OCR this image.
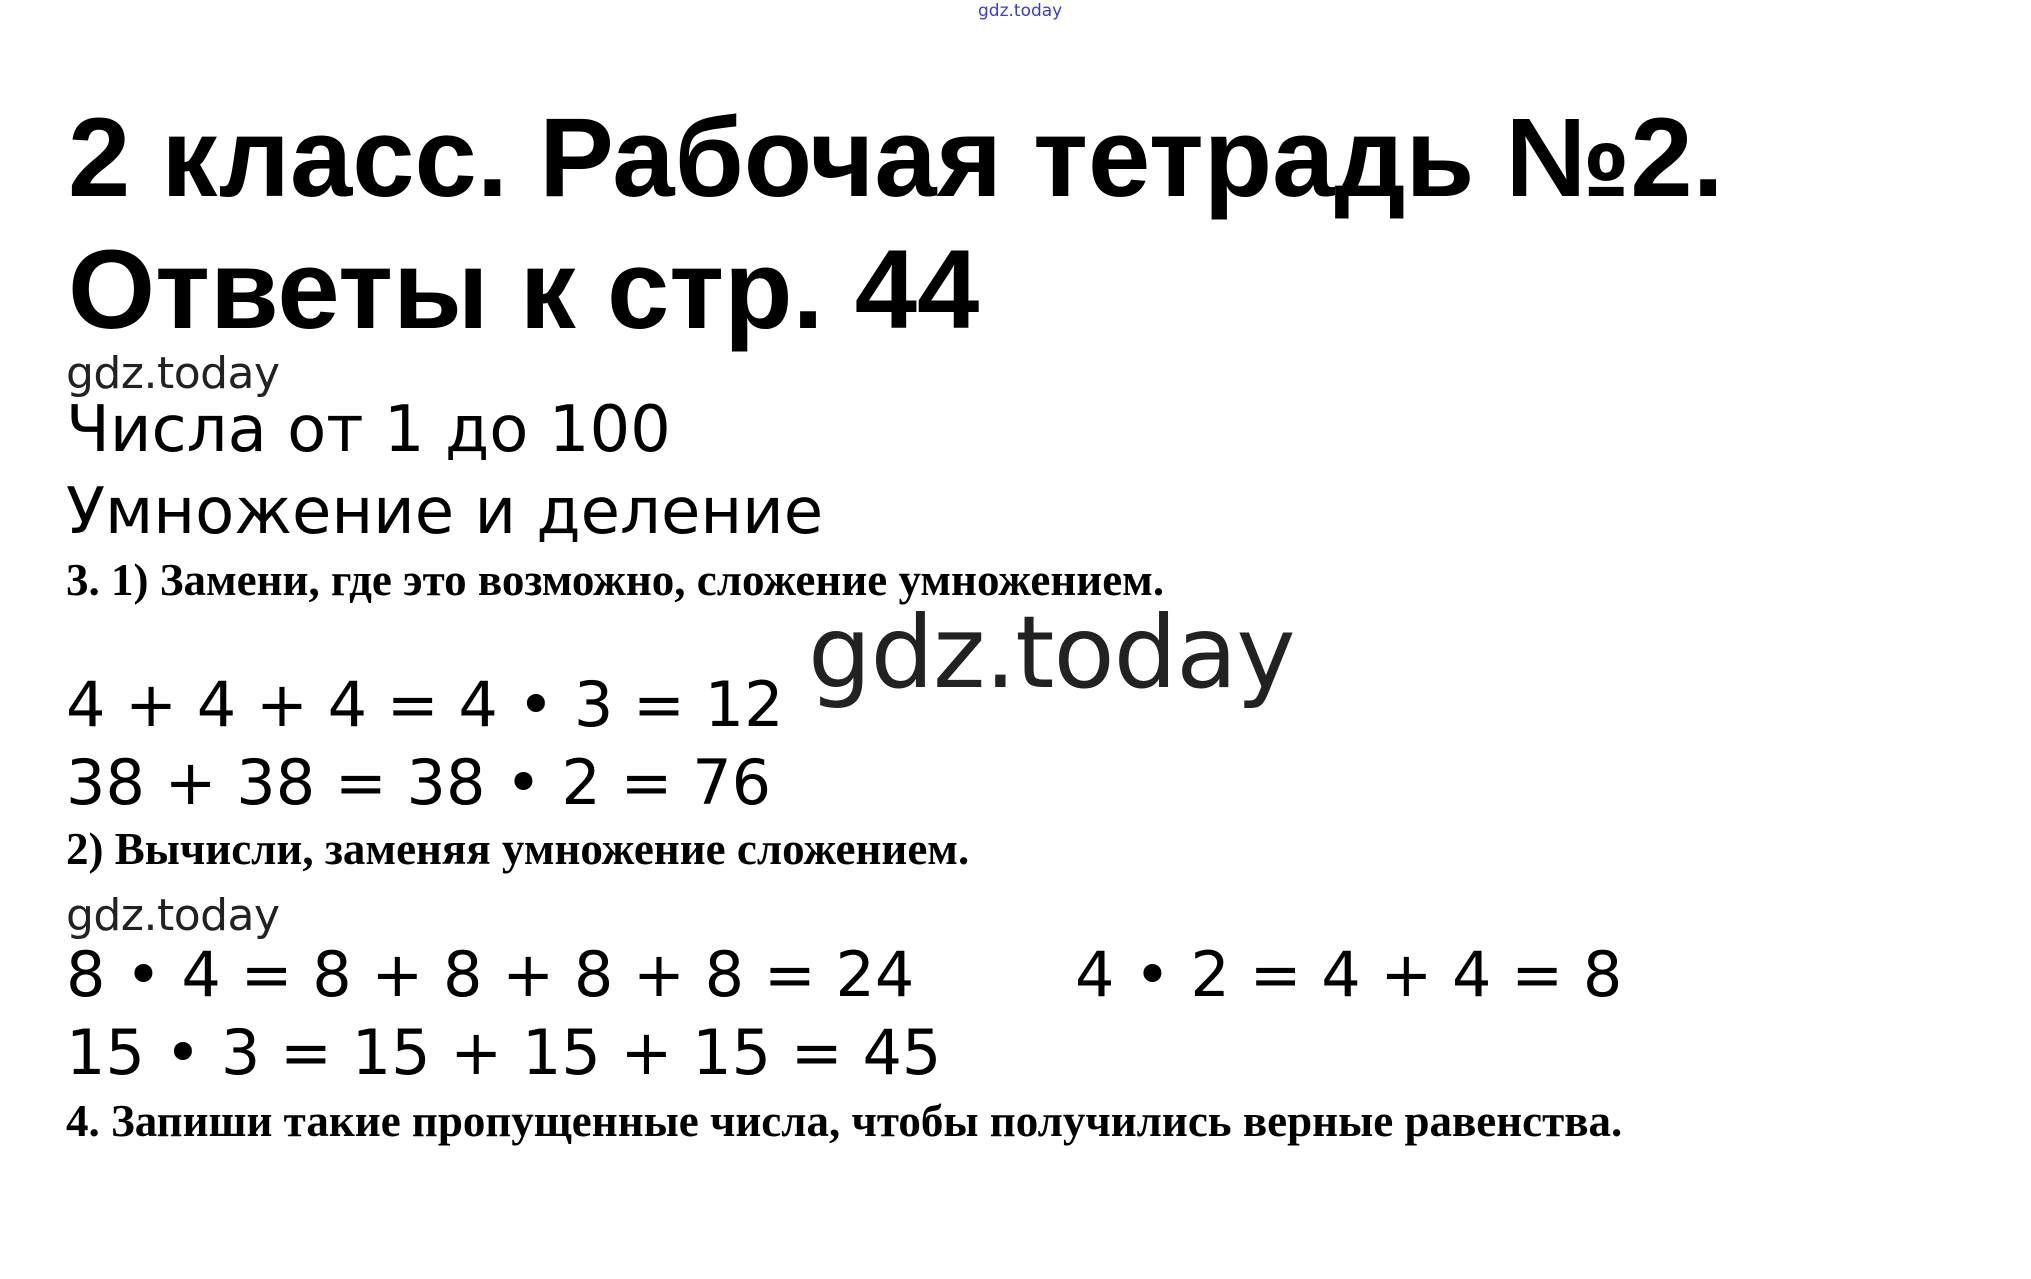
gdz.today
2 класс. Рабочая тетрадь №2.
Ответы к стр. 44
gdz.today
Числа от 1 до 100
Умножение и деление
3. 1) Замени, где это возможно, сложение умножением.
gdz.today
4 + 4 + 4 = 4 • 3 = 12
38 + 38 = 38 • 2 = 76
2) Вычисли, заменяя умножение сложением.
gdz.today
8 • 4 = 8 + 8 + 8 + 8 = 24	4 • 2 = 4 + 4 = 8
15 • 3 = 15 + 15 + 15 = 45
4. Запиши такие пропущенные числа, чтобы получились верные равенства.
